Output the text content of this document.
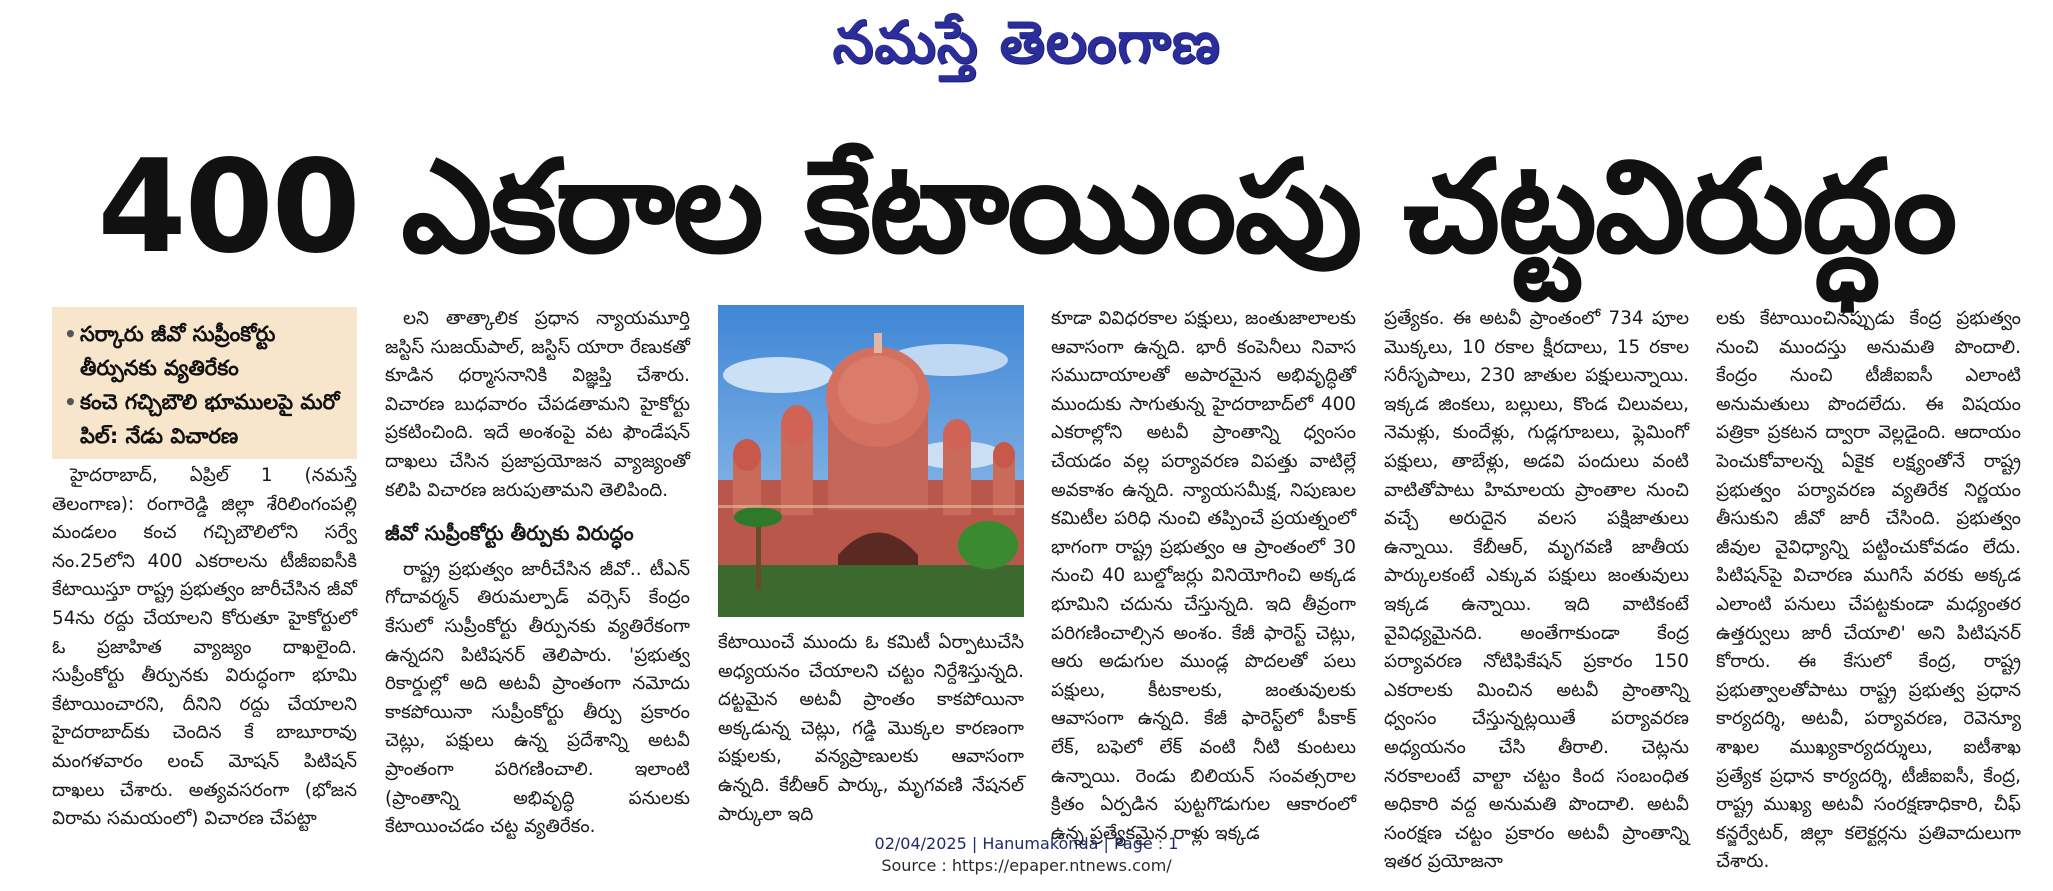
నమస్తే తెలంగాణ
400 ఎకరాల కేటాయింపు చట్టవిరుద్ధం
• సర్కారు జీవో సుప్రీంకోర్టు తీర్పునకు వ్యతిరేకం
• కంచె గచ్చిబౌలి భూములపై మరో పిల్‌: నేడు విచారణ

హైదరాబాద్‌, ఏప్రిల్‌ 1 (నమస్తే తెలంగాణ): రంగారెడ్డి జిల్లా శేరిలింగంపల్లి మండలం కంచ గచ్చిబౌలిలోని సర్వే నం.25లోని 400 ఎకరాలను టీజీఐఐసీకి కేటాయిస్తూ రాష్ట్ర ప్రభుత్వం జారీచేసిన జీవో 54ను రద్దు చేయాలని కోరుతూ హైకోర్టులో ఓ ప్రజాహిత వ్యాజ్యం దాఖలైంది. సుప్రీంకోర్టు తీర్పునకు విరుద్ధంగా భూమి కేటాయించారని, దీనిని రద్దు చేయాలని హైదరాబాద్‌కు చెందిన కే బాబూరావు మంగళవారం లంచ్‌ మోషన్‌ పిటిషన్‌ దాఖలు చేశారు. అత్యవసరంగా (భోజన విరామ సమయంలో) విచారణ చేపట్టా

లని తాత్కాలిక ప్రధాన న్యాయమూర్తి జస్టిస్‌ సుజయ్‌పాల్‌, జస్టిస్‌ యారా రేణుకతో కూడిన ధర్మాసనానికి విజ్ఞప్తి చేశారు. విచారణ బుధవారం చేపడతామని హైకోర్టు ప్రకటించింది. ఇదే అంశంపై వట ఫౌండేషన్‌ దాఖలు చేసిన ప్రజాప్రయోజన వ్యాజ్యంతో కలిపి విచారణ జరుపుతామని తెలిపింది.

జీవో సుప్రీంకోర్టు తీర్పుకు విరుద్ధం

రాష్ట్ర ప్రభుత్వం జారీచేసిన జీవో.. టీఎన్‌ గోదావర్మన్‌ తిరుమల్పాడ్‌ వర్సెస్‌ కేంద్రం కేసులో సుప్రీంకోర్టు తీర్పునకు వ్యతిరేకంగా ఉన్నదని పిటిషనర్‌ తెలిపారు. 'ప్రభుత్వ రికార్డుల్లో అది అటవీ ప్రాంతంగా నమోదు కాకపోయినా సుప్రీంకోర్టు తీర్పు ప్రకారం చెట్లు, పక్షులు ఉన్న ప్రదేశాన్ని అటవీ ప్రాంతంగా పరిగణించాలి. ఇలాంటి (ప్రాంతాన్ని అభివృద్ధి పనులకు కేటాయించడం చట్ట వ్యతిరేకం.

కేటాయించే ముందు ఓ కమిటీ ఏర్పాటుచేసి అధ్యయనం చేయాలని చట్టం నిర్దేశిస్తున్నది. దట్టమైన అటవీ ప్రాంతం కాకపోయినా అక్కడున్న చెట్లు, గడ్డి మొక్కల కారణంగా పక్షులకు, వన్యప్రాణులకు ఆవాసంగా ఉన్నది. కేబీఆర్‌ పార్కు, మృగవణి నేషనల్‌ పార్కులా ఇది

కూడా వివిధరకాల పక్షులు, జంతుజాలాలకు ఆవాసంగా ఉన్నది. భారీ కంపెనీలు నివాస సముదాయాలతో అపారమైన అభివృద్ధితో ముందుకు సాగుతున్న హైదరాబాద్‌లో 400 ఎకరాల్లోని అటవీ ప్రాంతాన్ని ధ్వంసం చేయడం వల్ల పర్యావరణ విపత్తు వాటిల్లే అవకాశం ఉన్నది. న్యాయసమీక్ష, నిపుణుల కమిటీల పరిధి నుంచి తప్పించే ప్రయత్నంలో భాగంగా రాష్ట్ర ప్రభుత్వం ఆ ప్రాంతంలో 30 నుంచి 40 బుల్డోజర్లు వినియోగించి అక్కడ భూమిని చదును చేస్తున్నది. ఇది తీవ్రంగా పరిగణించాల్సిన అంశం. కేజీ ఫారెస్ట్‌ చెట్లు, ఆరు అడుగుల ముండ్ల పొదలతో పలు పక్షులు, కీటకాలకు, జంతువులకు ఆవాసంగా ఉన్నది. కేజీ ఫారెస్ట్‌లో పీకాక్‌ లేక్‌, బఫెలో లేక్‌ వంటి నీటి కుంటలు ఉన్నాయి. రెండు బిలియన్‌ సంవత్సరాల క్రితం ఏర్పడిన పుట్టగొడుగుల ఆకారంలో ఉన్న ప్రత్యేకమైన రాళ్లు ఇక్కడ

ప్రత్యేకం. ఈ అటవీ ప్రాంతంలో 734 పూల మొక్కలు, 10 రకాల క్షీరదాలు, 15 రకాల సరీసృపాలు, 230 జాతుల పక్షులున్నాయి. ఇక్కడ జింకలు, బల్లులు, కొండ చిలువలు, నెమళ్లు, కుందేళ్లు, గుడ్లగూబలు, ఫ్లెమింగో పక్షులు, తాబేళ్లు, అడవి పందులు వంటి వాటితోపాటు హిమాలయ ప్రాంతాల నుంచి వచ్చే అరుదైన వలస పక్షిజాతులు ఉన్నాయి. కేబీఆర్‌, మృగవణి జాతీయ పార్కులకంటే ఎక్కువ పక్షులు జంతువులు ఇక్కడ ఉన్నాయి. ఇది వాటికంటే వైవిధ్యమైనది. అంతేగాకుండా కేంద్ర పర్యావరణ నోటిఫికేషన్‌ ప్రకారం 150 ఎకరాలకు మించిన అటవీ ప్రాంతాన్ని ధ్వంసం చేస్తున్నట్లయితే పర్యావరణ అధ్యయనం చేసి తీరాలి. చెట్లను నరకాలంటే వాల్టా చట్టం కింద సంబంధిత అధికారి వద్ద అనుమతి పొందాలి. అటవీ సంరక్షణ చట్టం ప్రకారం అటవీ ప్రాంతాన్ని ఇతర ప్రయోజనా

లకు కేటాయించినప్పుడు కేంద్ర ప్రభుత్వం నుంచి ముందస్తు అనుమతి పొందాలి. కేంద్రం నుంచి టీజీఐఐసీ ఎలాంటి అనుమతులు పొందలేదు. ఈ విషయం పత్రికా ప్రకటన ద్వారా వెల్లడైంది. ఆదాయం పెంచుకోవాలన్న ఏకైక లక్ష్యంతోనే రాష్ట్ర ప్రభుత్వం పర్యావరణ వ్యతిరేక నిర్ణయం తీసుకుని జీవో జారీ చేసింది. ప్రభుత్వం జీవుల వైవిధ్యాన్ని పట్టించుకోవడం లేదు. పిటిషన్‌పై విచారణ ముగిసే వరకు అక్కడ ఎలాంటి పనులు చేపట్టకుండా మధ్యంతర ఉత్తర్వులు జారీ చేయాలి' అని పిటిషనర్‌ కోరారు. ఈ కేసులో కేంద్ర, రాష్ట్ర ప్రభుత్వాలతోపాటు రాష్ట్ర ప్రభుత్వ ప్రధాన కార్యదర్శి, అటవీ, పర్యావరణ, రెవెన్యూ శాఖల ముఖ్యకార్యదర్శులు, ఐటీశాఖ ప్రత్యేక ప్రధాన కార్యదర్శి, టీజీఐఐసీ, కేంద్ర, రాష్ట్ర ముఖ్య అటవీ సంరక్షణాధికారి, చీఫ్‌ కన్జర్వేటర్‌, జిల్లా కలెక్టర్లను ప్రతివాదులుగా చేశారు.

02/04/2025 | Hanumakonda | Page : 1
Source : https://epaper.ntnews.com/
